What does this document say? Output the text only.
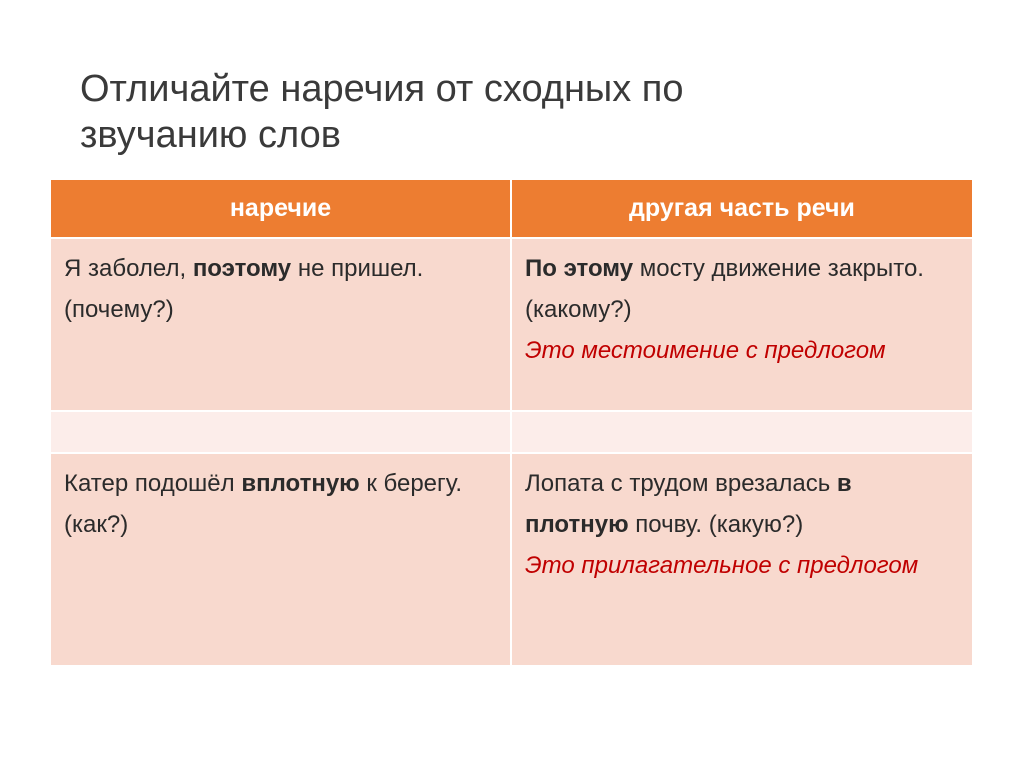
Отличайте наречия от сходных по
звучанию слов
наречие	другая часть речи
Я заболел, поэтому не пришел. (почему?)	По этому мосту движение закрыто. (какому?)
Это местоимение с предлогом

Катер подошёл вплотную к берегу. (как?)	Лопата с трудом врезалась в плотную почву. (какую?)
Это прилагательное с предлогом
